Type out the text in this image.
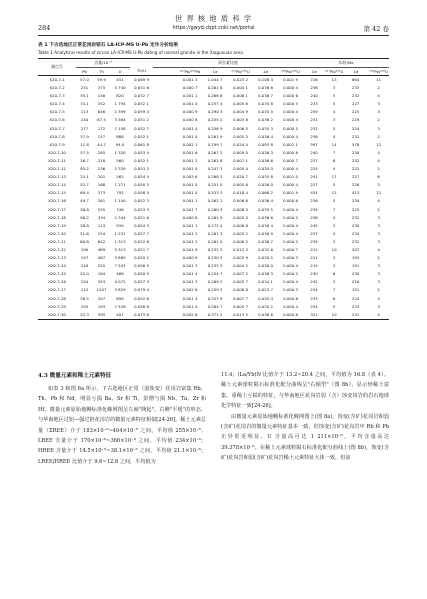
世 界 核 地 质 科 学
https://gwyd.cbpt.cnki.net/portal
284	第 42 卷
表 1 下古选地区正常花岗岩锆石 LA-ICP-MS U-Pb 定年分析结果
Table 1 Analytical results of zircon LA-ICP-MS U-Pb dating of normal granite in the Xiaguxuan area
测点号	含量/10⁻⁶				同位素比值						年龄/Ma				
	Pb	Th	U	Th/U		²⁰⁷Pb/²⁰⁶Pb	1σ	²⁰⁷Pb/²³⁵U	1σ	²⁰⁶Pb/²³⁸U	1σ	²⁰⁷Pb/²³⁵U	1σ	²⁰⁶Pb/²³⁸U	
X20-7-1	57.0	59.9	451	0.069 9		0.001 3	1.044 7	0.025 2	0.108 4	0.001 9	726	13	664	11	
X20-7-2	231	375	5 740	0.051 6		0.000 7	0.261 6	0.004 1	0.036 8	0.000 4	236	3	233	2	
X20-7-3	35.1	156	820	0.052 7		0.001 1	0.266 8	0.006 1	0.036 7	0.000 6	240	5	232	4	
X20-7-4	74.1	352	1 794	0.052 1		0.001 0	0.257 4	0.005 6	0.035 8	0.000 5	233	5	227	3	
X20-7-5	113	646	2 399	0.059 4		0.000 9	0.290 3	0.004 9	0.035 5	0.000 4	259	4	225	3	
X20-7-6	140	67.5	3 564	0.051 2		0.000 8	0.255 2	0.003 8	0.036 2	0.000 4	231	3	229	2	
X20-7-7	277	172	7 158	0.052 7		0.001 4	0.256 9	0.006 5	0.035 3	0.000 5	232	5	224	3	
X20-7-8	37.9	157	888	0.052 1		0.001 0	0.261 9	0.005 3	0.036 4	0.000 4	236	4	231	2	
X20-7-9	11.8	44.7	94.0	0.061 8		0.002 1	0.799 7	0.024 4	0.093 8	0.002 1	597	14	578	12	
X20-7-10	57.5	285	1 320	0.053 4		0.001 6	0.267 2	0.009 0	0.036 3	0.000 6	240	7	230	4	
X20-7-11	26.7	218	560	0.052 1		0.001 2	0.262 8	0.007 1	0.036 6	0.000 7	237	6	232	4	
X20-7-12	93.2	236	2 339	0.053 2		0.001 0	0.247 3	0.005 4	0.035 0	0.000 4	224	4	222	2	
X20-7-13	25.1	201	562	0.054 4		0.003 6	0.268 3	0.020 7	0.035 8	0.001 0	241	17	227	6	
X20-7-14	52.7	168	1 271	0.050 5		0.001 0	0.251 0	0.005 6	0.036 0	0.000 4	227	5	228	3	
X20-7-15	69.4	373	792	0.058 4		0.001 0	0.533 3	0.018 4	0.066 2	0.001 9	434	12	413	12	
X20-7-16	49.7	261	1 140	0.052 3		0.001 1	0.262 1	0.006 6	0.036 4	0.000 6	236	5	230	4	
X20-7-17	36.8	535	746	0.053 3		0.001 7	0.260 3	0.008 5	0.035 5	0.000 4	235	7	225	2	
X20-7-18	98.2	334	2 344	0.051 8		0.000 8	0.261 9	0.005 0	0.036 6	0.000 5	236	4	232	3	
X20-7-19	38.8	113	930	0.054 3		0.001 1	0.272 4	0.006 6	0.036 4	0.000 4	245	5	230	3	
X20-7-20	51.6	154	1 231	0.057 7		0.001 2	0.261 3	0.005 2	0.036 9	0.000 4	237	4	234	3	
X20-7-21	60.8	642	1 313	0.052 6		0.001 2	0.261 0	0.006 2	0.036 7	0.000 5	235	5	232	3	
X20-7-22	190	489	5 313	0.051 7		0.001 9	0.232 5	0.012 3	0.032 6	0.000 7	212	10	207	4	
X20-7-23	197	487	5 889	0.055 2		0.000 9	0.230 5	0.003 9	0.030 5	0.000 3	211	3	193	2	
X20-7-24	249	255	7 543	0.056 9		0.001 3	0.235 3	0.004 2	0.030 0	0.000 4	215	3	191	3	
X20-7-25	25.0	184	468	0.050 9		0.001 4	0.254 7	0.007 2	0.036 3	0.000 5	230	6	230	3	
X20-7-26	154	353	4 072	0.057 3		0.001 3	0.269 2	0.005 7	0.034 1	0.000 4	242	5	216	3	
X20-7-27	122	1207	3 829	0.079 4		0.002 6	0.259 3	0.008 8	0.023 7	0.000 3	234	7	151	2	
X20-7-28	38.5	307	899	0.052 8		0.001 4	0.257 9	0.007 7	0.035 4	0.000 6	233	6	224	4	
X20-7-29	295	193	7 528	0.058 8		0.001 0	0.284 7	0.005 7	0.035 2	0.000 4	254	5	223	3	
X20-7-30	22.3	395	401	0.073 6		0.002 6	0.371 2	0.013 5	0.036 6	0.000 6	321	10	231	4	
4.3 微量元素和稀土元素特征

如表 3 和图 8a 所示，下古选地区正常（弱蚀变）花岗岩富集 Rb、Th、Pb 和 Nd，明显亏损 Ba、Sr 和 Ti，彭僧与损 Nb、Ta、Zr 和 Hf。微量元素原始地幔标准化蛛网图呈左倾"隆起"、右侧"平缓"的形态，与华南地区过铝—强过铝花岗岩的微量元素特征相似[24-26]。稀土元素总量（ΣREE）介于 183×10⁻⁶~404×10⁻⁶ 之间，平均值 255×10⁻⁶；LREE 含量介于 170×10⁻⁶~366×10⁻⁶ 之间，平均值 234×10⁻⁶；HREE 含量介于 14.5×10⁻⁶~38.1×10⁻⁶ 之间，平均值 21.1×10⁻⁶；LREE/HREE 比值介于 9.6~12.8 之间，平均值为

11.4；(La/Yb)N 比值介于 13.2~20.4 之间，平均值为 16.8（表 4）。稀土元素球粒陨石标准化配分曲线呈"右倾型"（图 8b），显示轻稀土富集，重稀土亏损的特征，与华南地区花岗岩弱（含）蚀变岗岩的岩石地球化学特征一致[24-26]。

由微量元素原始地幔标准化蛛网图上(图 8a)，蚀变(含矿)花岗岩和弱(含矿)花岗岩的微量元素特征基本一致，但蚀变(含矿)花岗岩中 Rb 和 Pb 正异常更明显，U 含量高可达 1 211×10⁻⁶，平均含量高达 39.378×10⁻⁶。在稀土元素球粒陨石标准化配分曲线上(图 8b)，蚀变(含矿)花岗岩和弱(含矿)花岗岩稀土元素特征大体一致，但前
